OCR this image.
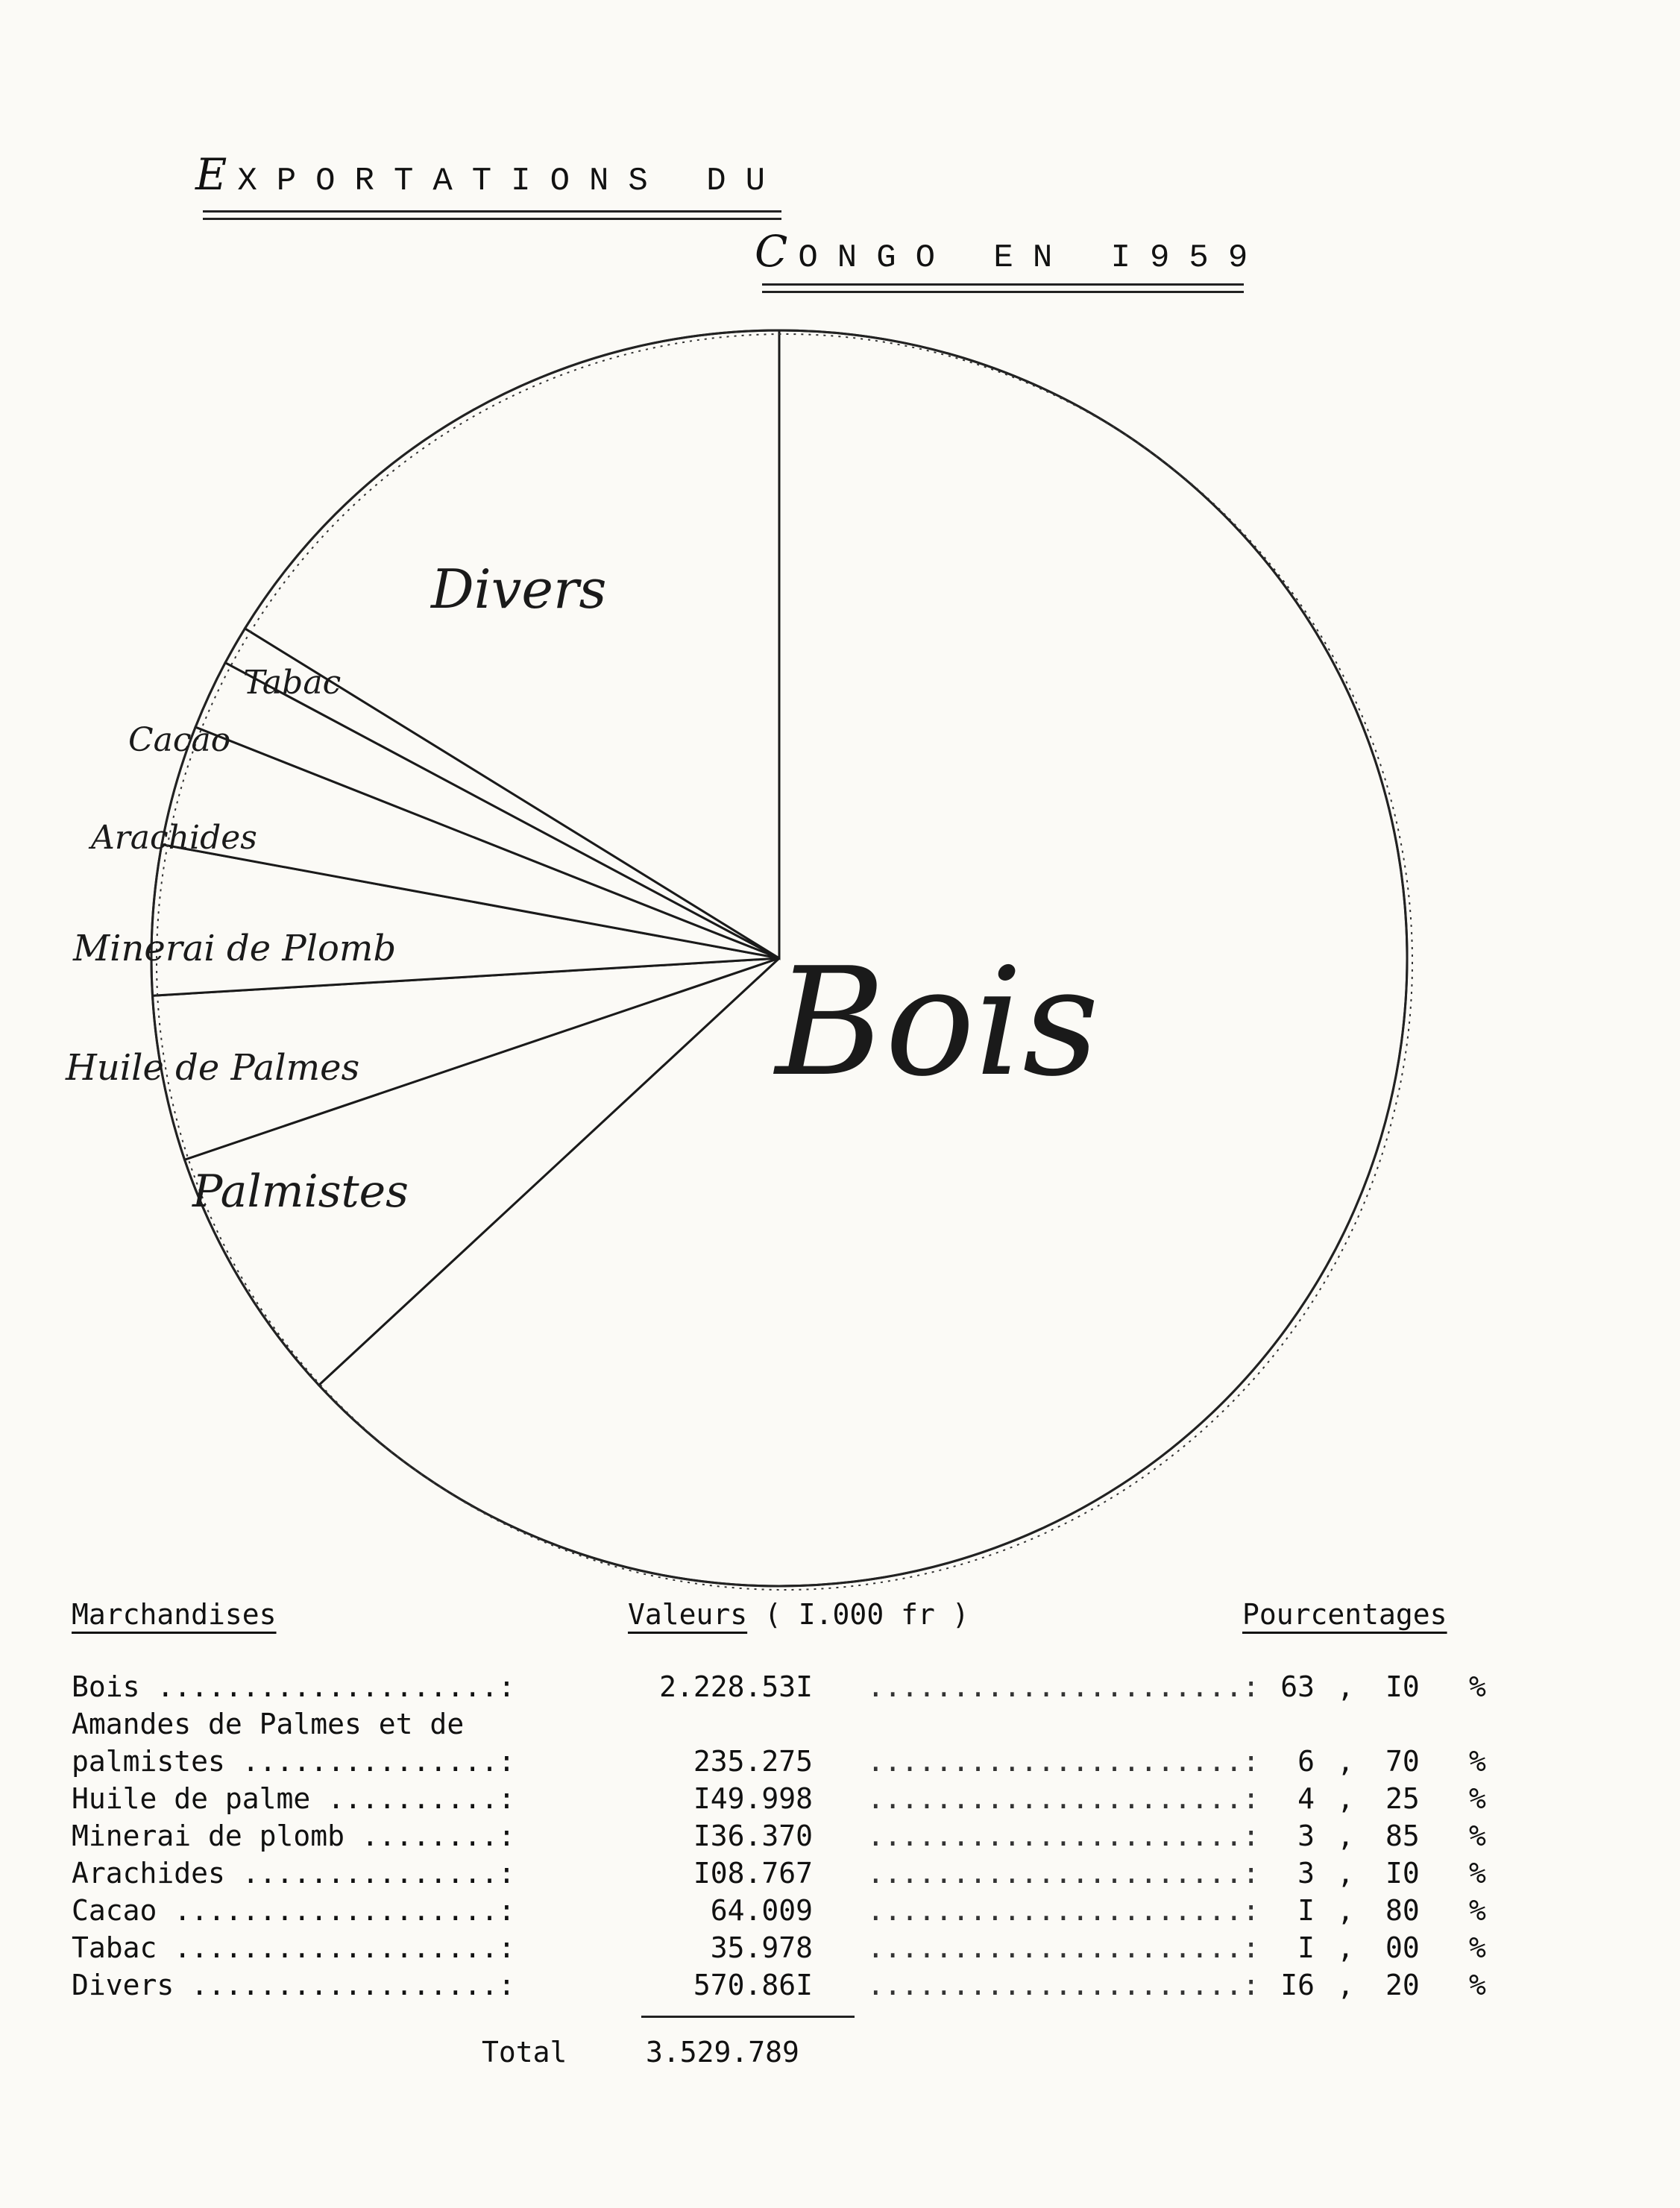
E XPORTATIONS DU
C ONGO EN I959
Bois
Divers
Tabac
Cacao
Arachides
Minerai de Plomb
Huile de Palmes
Palmistes
Marchandises	Valeurs ( I.000 fr )	Pourcentages
Bois ....................:	2.228.53I ......................: 63 , I0 %
Amandes de Palmes et de
palmistes ...............:	235.275 ......................: 6 , 70 %
Huile de palme ..........:	I49.998 ......................: 4 , 25 %
Minerai de plomb ........:	I36.370 ......................: 3 , 85 %
Arachides ...............:	I08.767 ......................: 3 , I0 %
Cacao ...................:	64.009 ......................: I , 80 %
Tabac ...................:	35.978 ......................: I , 00 %
Divers ..................:	570.86I ......................: I6 , 20 %
Total	3.529.789
